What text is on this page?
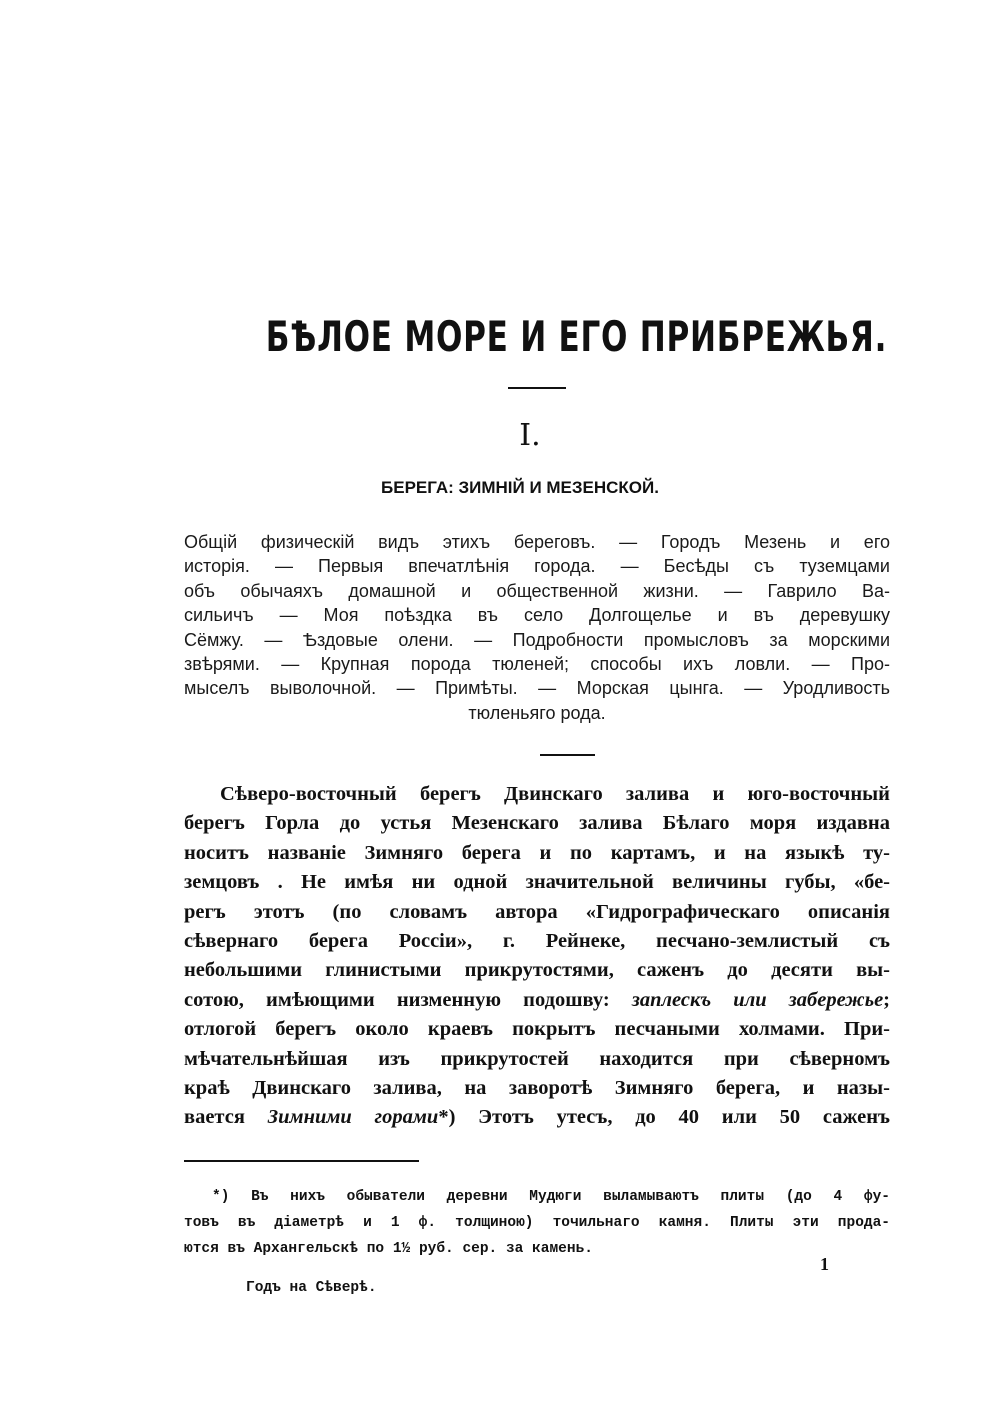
БѢЛОЕ МОРЕ И ЕГО ПРИБРЕЖЬЯ.
I.
БЕРЕГА: ЗИМНІЙ И МЕЗЕНСКОЙ.
Общій физическій видъ этихъ береговъ. — Городъ Мезень и его
исторія. — Первыя впечатлѣнія города. — Бесѣды съ туземцами
объ обычаяхъ домашной и общественной жизни. — Гаврило Ва-
сильичъ — Моя поѣздка въ село Долгощелье и въ деревушку
Сёмжу. — Ѣздовые олени. — Подробности промысловъ за морскими
звѣрями. — Крупная порода тюленей; способы ихъ ловли. — Про-
мыселъ выволочной. — Примѣты. — Морская цынга. — Уродливость
тюленьяго рода.
Сѣверо-восточный берегъ Двинскаго залива и юго-восточный
берегъ Горла до устья Мезенскаго залива Бѣлаго моря издавна
носитъ названіе Зимняго берега и по картамъ, и на языкѣ ту-
земцовъ . Не имѣя ни одной значительной величины губы, «бе-
регъ этотъ (по словамъ автора «Гидрографическаго описанія
сѣвернаго берега Россіи», г. Рейнеке, песчано-землистый съ
небольшими глинистыми прикрутостями, саженъ до десяти вы-
сотою, имѣющими низменную подошву: заплескъ или забережье;
отлогой берегъ около краевъ покрытъ песчаными холмами. При-
мѣчательнѣйшая изъ прикрутостей находится при сѣверномъ
краѣ Двинскаго залива, на заворотѣ Зимняго берега, и назы-
вается Зимними горами*) Этотъ утесъ, до 40 или 50 саженъ
*) Въ нихъ обыватели деревни Мудюги выламываютъ плиты (до 4 фу-
товъ въ діаметрѣ и 1 ф. толщиною) точильнаго камня. Плиты эти прода-
ются въ Архангельскѣ по 1½ руб. сер. за камень.
1
Годъ на Сѣверѣ.
